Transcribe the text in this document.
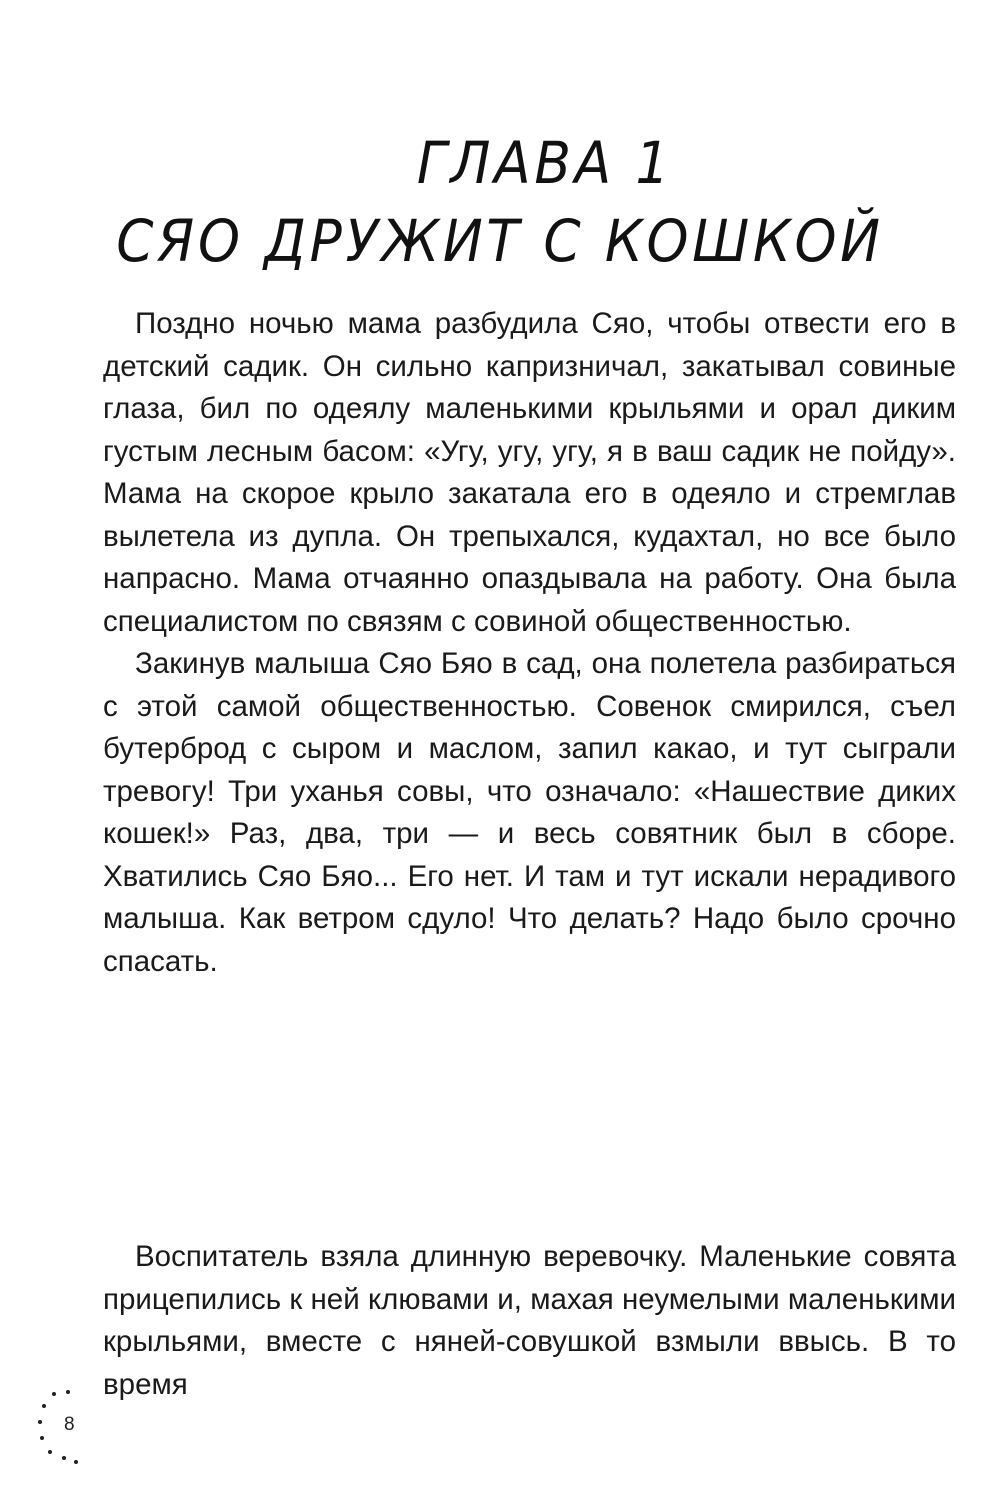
ГЛАВА 1
СЯО ДРУЖИТ С КОШКОЙ

Поздно ночью мама разбудила Сяо, чтобы отвести его в детский садик. Он сильно капризничал, закатывал совиные глаза, бил по одеялу маленькими крыльями и орал диким густым лесным басом: «Угу, угу, угу, я в ваш садик не пойду». Мама на скорое крыло закатала его в одеяло и стремглав вылетела из дупла. Он трепыхался, кудахтал, но все было напрасно. Мама отчаянно опаздывала на работу. Она была специалистом по связям с совиной общественностью.

Закинув малыша Сяо Бяо в сад, она полетела разбираться с этой самой общественностью. Совенок смирился, съел бутерброд с сыром и маслом, запил какао, и тут сыграли тревогу! Три уханья совы, что означало: «Нашествие диких кошек!» Раз, два, три — и весь совятник был в сборе. Хватились Сяо Бяо... Его нет. И там и тут искали нерадивого малыша. Как ветром сдуло! Что делать? Надо было срочно спасать.

Воспитатель взяла длинную веревочку. Маленькие совята прицепились к ней клювами и, махая неумелыми маленькими крыльями, вместе с няней-совушкой взмыли ввысь. В то время

8
